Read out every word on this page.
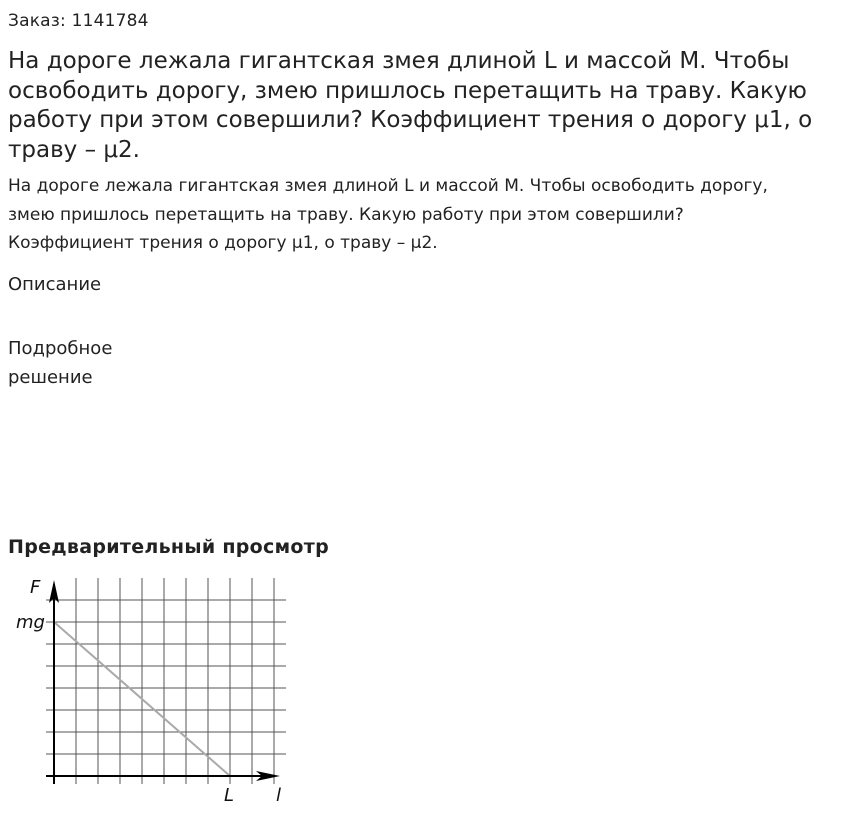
Заказ: 1141784
На дороге лежала гигантская змея длиной L и массой M. Чтобы освободить дорогу, змею пришлось перетащить на траву. Какую работу при этом совершили? Коэффициент трения о дорогу μ1, о траву – μ2.

На дороге лежала гигантская змея длиной L и массой M. Чтобы освободить дорогу, змею пришлось перетащить на траву. Какую работу при этом совершили? Коэффициент трения о дорогу μ1, о траву – μ2.

Описание
Подробное решение
Предварительный просмотр
F
mg
L l
